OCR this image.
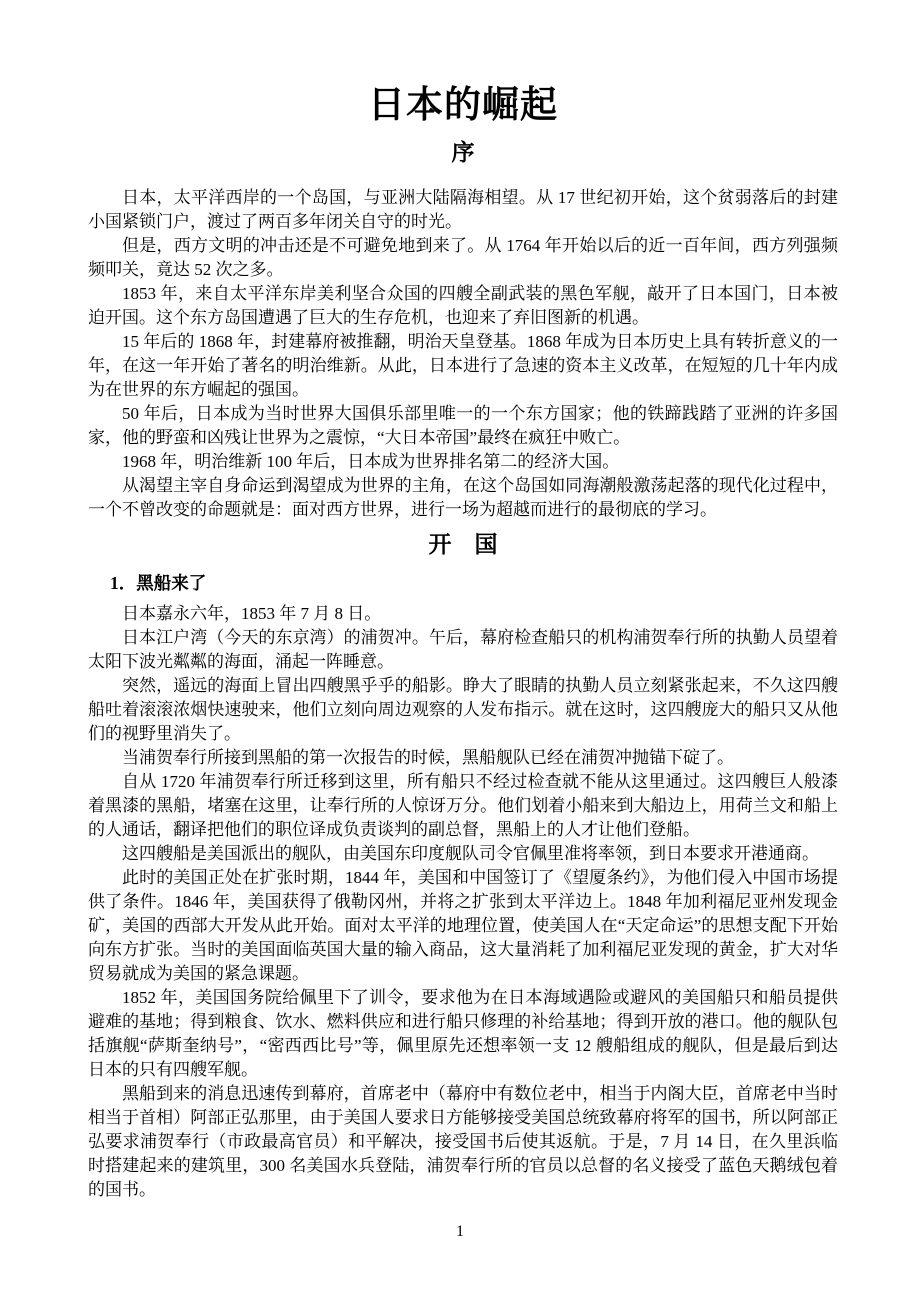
日本的崛起
序

日本，太平洋西岸的一个岛国，与亚洲大陆隔海相望。从 17 世纪初开始，这个贫弱落后的封建小国紧锁门户，渡过了两百多年闭关自守的时光。

但是，西方文明的冲击还是不可避免地到来了。从 1764 年开始以后的近一百年间，西方列强频频叩关，竟达 52 次之多。

1853 年，来自太平洋东岸美利坚合众国的四艘全副武装的黑色军舰，敲开了日本国门，日本被迫开国。这个东方岛国遭遇了巨大的生存危机，也迎来了弃旧图新的机遇。

15 年后的 1868 年，封建幕府被推翻，明治天皇登基。1868 年成为日本历史上具有转折意义的一年，在这一年开始了著名的明治维新。从此，日本进行了急速的资本主义改革，在短短的几十年内成为在世界的东方崛起的强国。

50 年后，日本成为当时世界大国俱乐部里唯一的一个东方国家；他的铁蹄践踏了亚洲的许多国家，他的野蛮和凶残让世界为之震惊，“大日本帝国”最终在疯狂中败亡。

1968 年，明治维新 100 年后，日本成为世界排名第二的经济大国。

从渴望主宰自身命运到渴望成为世界的主角，在这个岛国如同海潮般激荡起落的现代化过程中，一个不曾改变的命题就是：面对西方世界，进行一场为超越而进行的最彻底的学习。

开　国
1．黑船来了

日本嘉永六年，1853 年 7 月 8 日。

日本江户湾（今天的东京湾）的浦贺冲。午后，幕府检查船只的机构浦贺奉行所的执勤人员望着太阳下波光粼粼的海面，涌起一阵睡意。

突然，遥远的海面上冒出四艘黑乎乎的船影。睁大了眼睛的执勤人员立刻紧张起来，不久这四艘船吐着滚滚浓烟快速驶来，他们立刻向周边观察的人发布指示。就在这时，这四艘庞大的船只又从他们的视野里消失了。

当浦贺奉行所接到黑船的第一次报告的时候，黑船舰队已经在浦贺冲抛锚下碇了。

自从 1720 年浦贺奉行所迁移到这里，所有船只不经过检查就不能从这里通过。这四艘巨人般漆着黑漆的黑船，堵塞在这里，让奉行所的人惊讶万分。他们划着小船来到大船边上，用荷兰文和船上的人通话，翻译把他们的职位译成负责谈判的副总督，黑船上的人才让他们登船。

这四艘船是美国派出的舰队，由美国东印度舰队司令官佩里准将率领，到日本要求开港通商。

此时的美国正处在扩张时期，1844 年，美国和中国签订了《望厦条约》，为他们侵入中国市场提供了条件。1846 年，美国获得了俄勒冈州，并将之扩张到太平洋边上。1848 年加利福尼亚州发现金矿，美国的西部大开发从此开始。面对太平洋的地理位置，使美国人在“天定命运”的思想支配下开始向东方扩张。当时的美国面临英国大量的输入商品，这大量消耗了加利福尼亚发现的黄金，扩大对华贸易就成为美国的紧急课题。

1852 年，美国国务院给佩里下了训令，要求他为在日本海域遇险或避风的美国船只和船员提供避难的基地；得到粮食、饮水、燃料供应和进行船只修理的补给基地；得到开放的港口。他的舰队包括旗舰“萨斯奎纳号”，“密西西比号”等，佩里原先还想率领一支 12 艘船组成的舰队，但是最后到达日本的只有四艘军舰。

黑船到来的消息迅速传到幕府，首席老中（幕府中有数位老中，相当于内阁大臣，首席老中当时相当于首相）阿部正弘那里，由于美国人要求日方能够接受美国总统致幕府将军的国书，所以阿部正弘要求浦贺奉行（市政最高官员）和平解决，接受国书后使其返航。于是，7 月 14 日，在久里浜临时搭建起来的建筑里，300 名美国水兵登陆，浦贺奉行所的官员以总督的名义接受了蓝色天鹅绒包着的国书。

1
